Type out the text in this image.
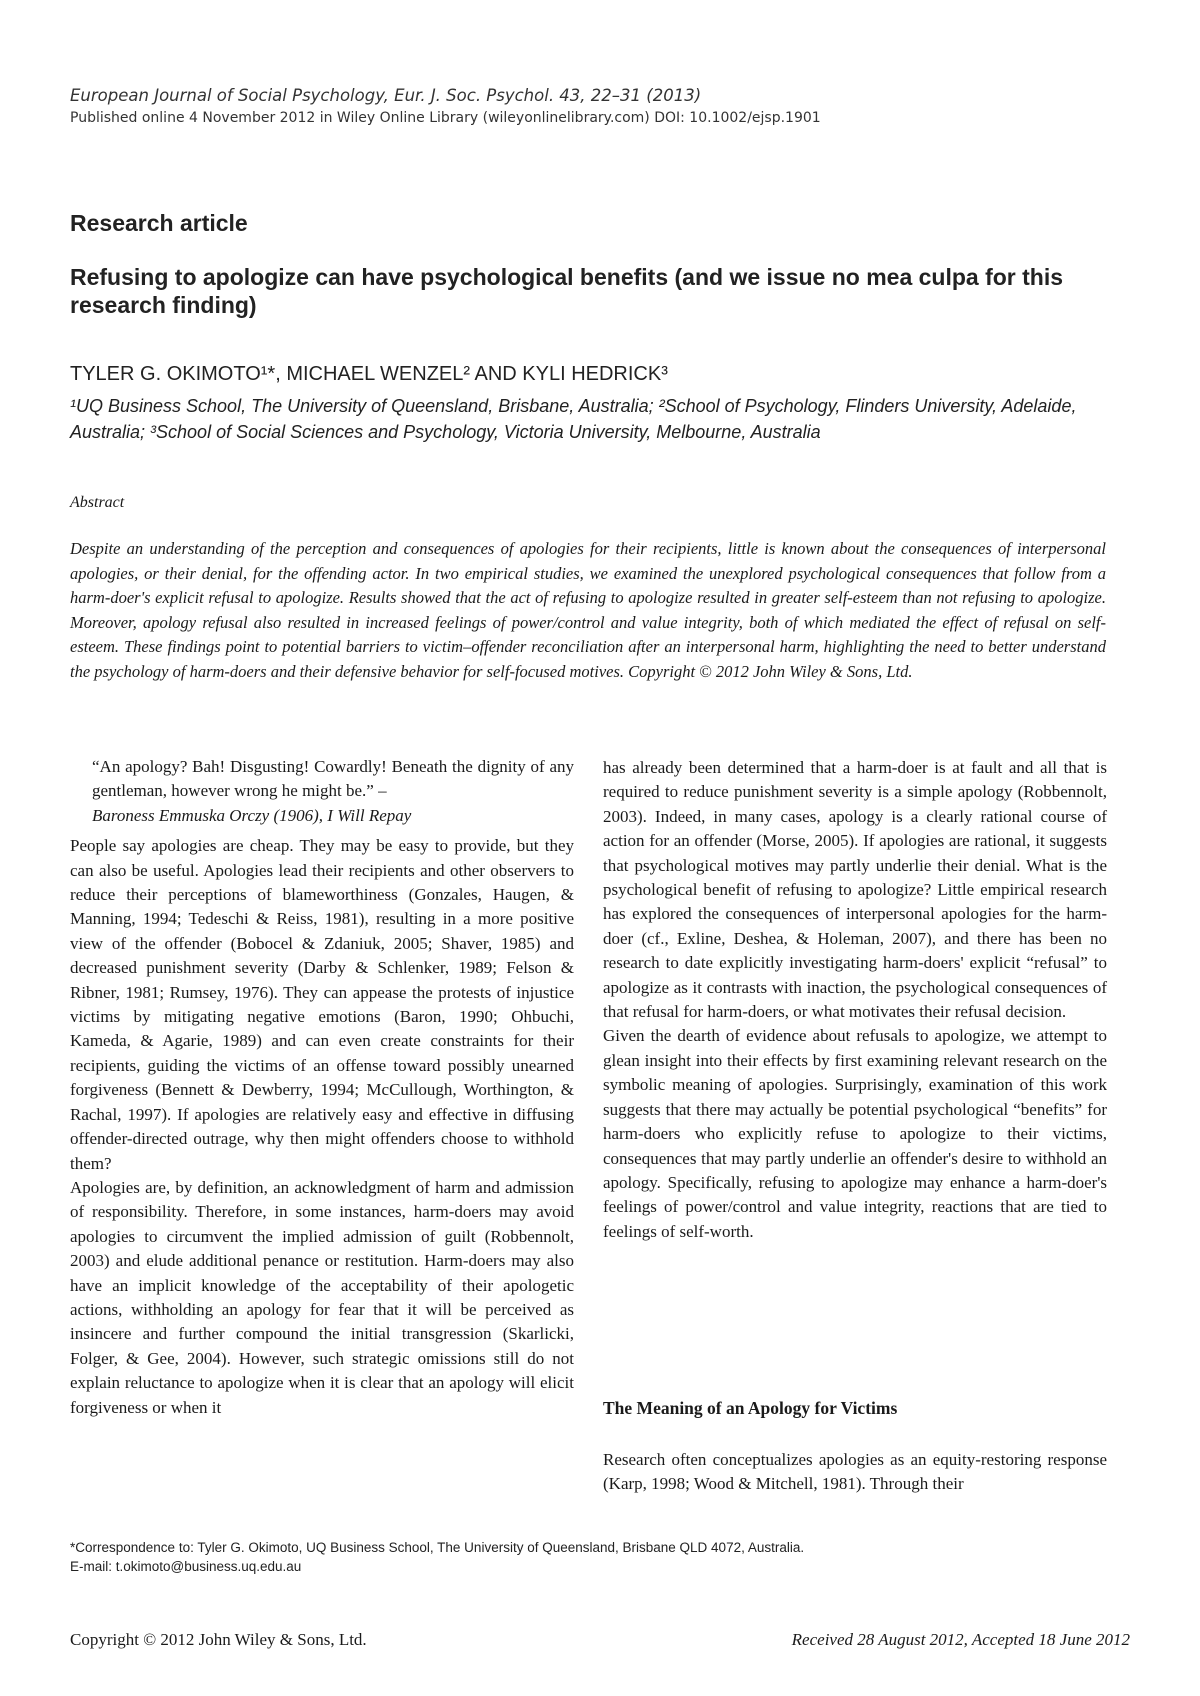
European Journal of Social Psychology, Eur. J. Soc. Psychol. 43, 22–31 (2013)
Published online 4 November 2012 in Wiley Online Library (wileyonlinelibrary.com) DOI: 10.1002/ejsp.1901
Research article
Refusing to apologize can have psychological benefits (and we issue no mea culpa for this research finding)
TYLER G. OKIMOTO¹*, MICHAEL WENZEL² AND KYLI HEDRICK³
¹UQ Business School, The University of Queensland, Brisbane, Australia; ²School of Psychology, Flinders University, Adelaide, Australia; ³School of Social Sciences and Psychology, Victoria University, Melbourne, Australia
Abstract
Despite an understanding of the perception and consequences of apologies for their recipients, little is known about the consequences of interpersonal apologies, or their denial, for the offending actor. In two empirical studies, we examined the unexplored psychological consequences that follow from a harm-doer's explicit refusal to apologize. Results showed that the act of refusing to apologize resulted in greater self-esteem than not refusing to apologize. Moreover, apology refusal also resulted in increased feelings of power/control and value integrity, both of which mediated the effect of refusal on self-esteem. These findings point to potential barriers to victim–offender reconciliation after an interpersonal harm, highlighting the need to better understand the psychology of harm-doers and their defensive behavior for self-focused motives. Copyright © 2012 John Wiley & Sons, Ltd.
“An apology? Bah! Disgusting! Cowardly! Beneath the dignity of any gentleman, however wrong he might be.” –
Baroness Emmuska Orczy (1906), I Will Repay

People say apologies are cheap. They may be easy to provide, but they can also be useful. Apologies lead their recipients and other observers to reduce their perceptions of blameworthiness (Gonzales, Haugen, & Manning, 1994; Tedeschi & Reiss, 1981), resulting in a more positive view of the offender (Bobocel & Zdaniuk, 2005; Shaver, 1985) and decreased punishment severity (Darby & Schlenker, 1989; Felson & Ribner, 1981; Rumsey, 1976). They can appease the protests of injustice victims by mitigating negative emotions (Baron, 1990; Ohbuchi, Kameda, & Agarie, 1989) and can even create constraints for their recipients, guiding the victims of an offense toward possibly unearned forgiveness (Bennett & Dewberry, 1994; McCullough, Worthington, & Rachal, 1997). If apologies are relatively easy and effective in diffusing offender-directed outrage, why then might offenders choose to withhold them?

Apologies are, by definition, an acknowledgment of harm and admission of responsibility. Therefore, in some instances, harm-doers may avoid apologies to circumvent the implied admission of guilt (Robbennolt, 2003) and elude additional penance or restitution. Harm-doers may also have an implicit knowledge of the acceptability of their apologetic actions, withholding an apology for fear that it will be perceived as insincere and further compound the initial transgression (Skarlicki, Folger, & Gee, 2004). However, such strategic omissions still do not explain reluctance to apologize when it is clear that an apology will elicit forgiveness or when it

has already been determined that a harm-doer is at fault and all that is required to reduce punishment severity is a simple apology (Robbennolt, 2003). Indeed, in many cases, apology is a clearly rational course of action for an offender (Morse, 2005). If apologies are rational, it suggests that psychological motives may partly underlie their denial. What is the psychological benefit of refusing to apologize? Little empirical research has explored the consequences of interpersonal apologies for the harm-doer (cf., Exline, Deshea, & Holeman, 2007), and there has been no research to date explicitly investigating harm-doers' explicit “refusal” to apologize as it contrasts with inaction, the psychological consequences of that refusal for harm-doers, or what motivates their refusal decision.

Given the dearth of evidence about refusals to apologize, we attempt to glean insight into their effects by first examining relevant research on the symbolic meaning of apologies. Surprisingly, examination of this work suggests that there may actually be potential psychological “benefits” for harm-doers who explicitly refuse to apologize to their victims, consequences that may partly underlie an offender's desire to withhold an apology. Specifically, refusing to apologize may enhance a harm-doer's feelings of power/control and value integrity, reactions that are tied to feelings of self-worth.

The Meaning of an Apology for Victims

Research often conceptualizes apologies as an equity-restoring response (Karp, 1998; Wood & Mitchell, 1981). Through their

*Correspondence to: Tyler G. Okimoto, UQ Business School, The University of Queensland, Brisbane QLD 4072, Australia.
E-mail: t.okimoto@business.uq.edu.au
Copyright © 2012 John Wiley & Sons, Ltd.	Received 28 August 2012, Accepted 18 June 2012
